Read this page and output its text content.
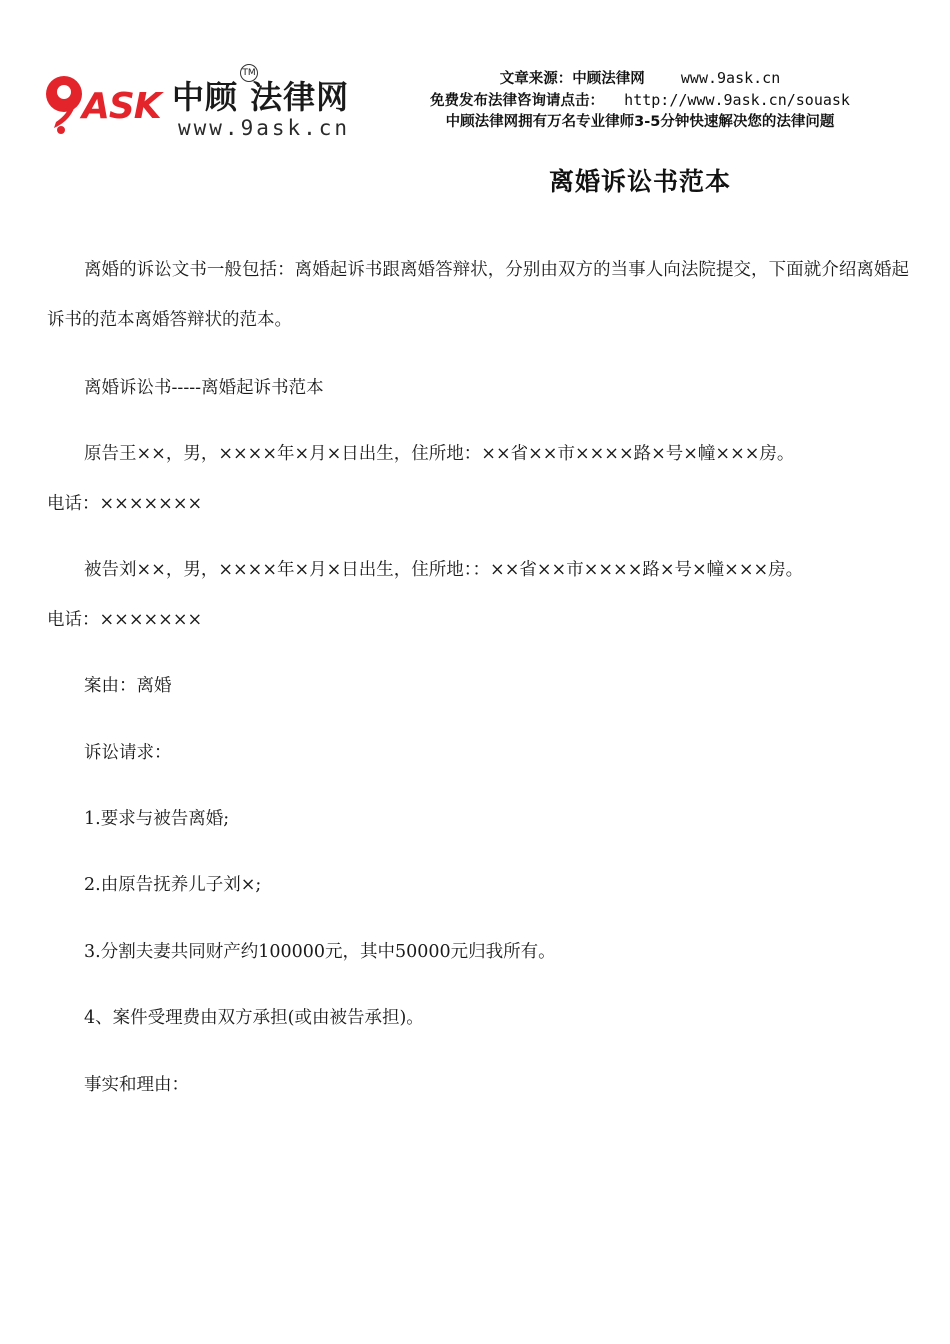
ASK
TM
中顾 法律网
www.9ask.cn
文章来源：中顾法律网 www.9ask.cn
免费发布法律咨询请点击： http://www.9ask.cn/souask
中顾法律网拥有万名专业律师3-5分钟快速解决您的法律问题
离婚诉讼书范本
离婚的诉讼文书一般包括：离婚起诉书跟离婚答辩状，分别由双方的当事人向法院提交，下面就介绍离婚起诉书的范本离婚答辩状的范本。
离婚诉讼书-----离婚起诉书范本
原告王××，男，××××年×月×日出生，住所地：××省××市××××路×号×幢×××房。
电话：×××××××
被告刘××，男，××××年×月×日出生，住所地：：××省××市××××路×号×幢×××房。
电话：×××××××
案由：离婚
诉讼请求：
1.要求与被告离婚;
2.由原告抚养儿子刘×;
3.分割夫妻共同财产约100000元，其中50000元归我所有。
4、案件受理费由双方承担(或由被告承担)。
事实和理由：
